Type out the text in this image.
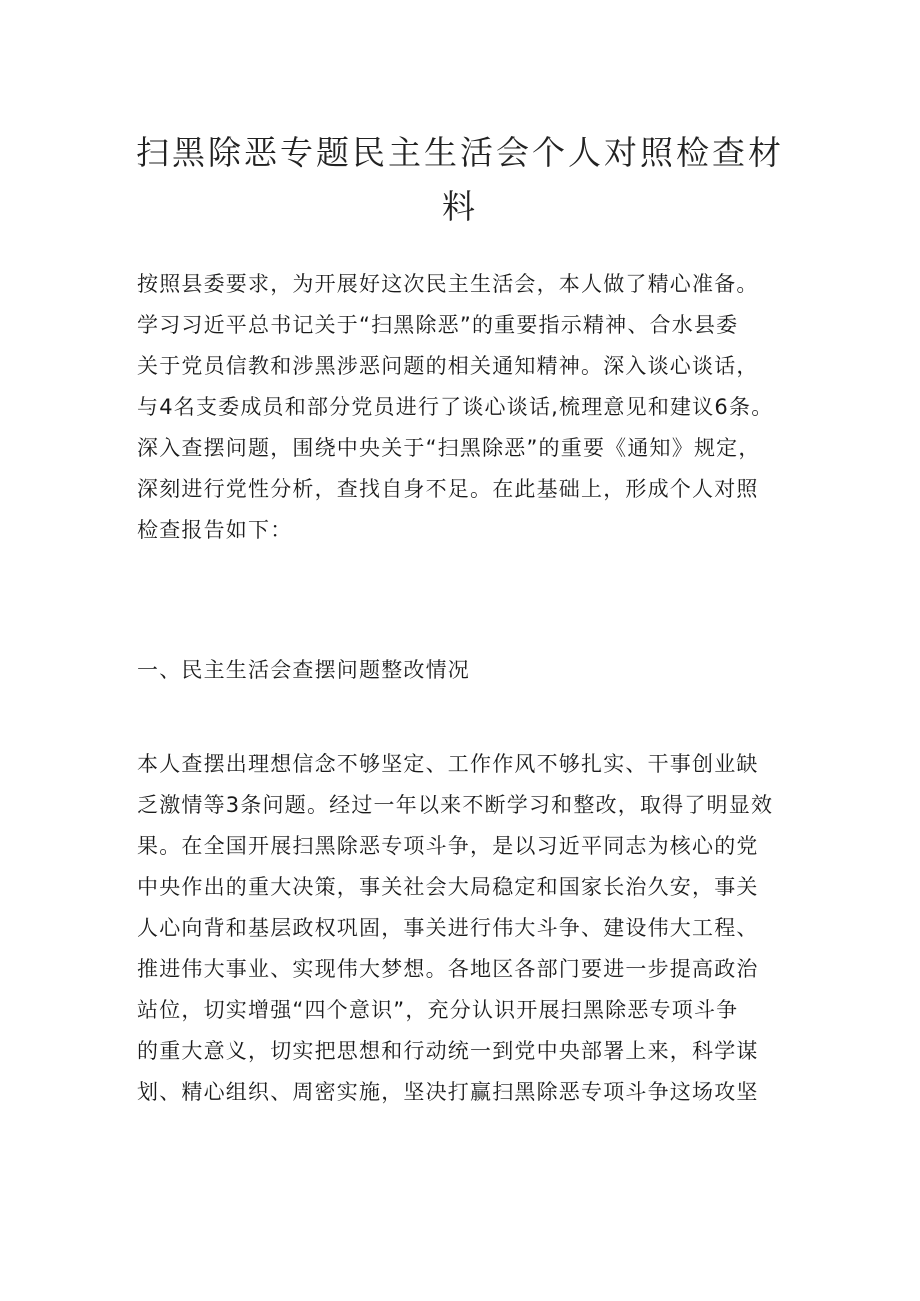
扫黑除恶专题民主生活会个人对照检查材料
按照县委要求，为开展好这次民主生活会，本人做了精心准备。
学习习近平总书记关于“扫黑除恶”的重要指示精神、合水县委
关于党员信教和涉黑涉恶问题的相关通知精神。深入谈心谈话，
与4名支委成员和部分党员进行了谈心谈话,梳理意见和建议6条。
深入查摆问题，围绕中央关于“扫黑除恶”的重要《通知》规定，
深刻进行党性分析，查找自身不足。在此基础上，形成个人对照
检查报告如下：
一、民主生活会查摆问题整改情况
本人查摆出理想信念不够坚定、工作作风不够扎实、干事创业缺
乏激情等3条问题。经过一年以来不断学习和整改，取得了明显效
果。在全国开展扫黑除恶专项斗争，是以习近平同志为核心的党
中央作出的重大决策，事关社会大局稳定和国家长治久安，事关
人心向背和基层政权巩固，事关进行伟大斗争、建设伟大工程、
推进伟大事业、实现伟大梦想。各地区各部门要进一步提高政治
站位，切实增强“四个意识”，充分认识开展扫黑除恶专项斗争
的重大意义，切实把思想和行动统一到党中央部署上来，科学谋
划、精心组织、周密实施，坚决打赢扫黑除恶专项斗争这场攻坚
